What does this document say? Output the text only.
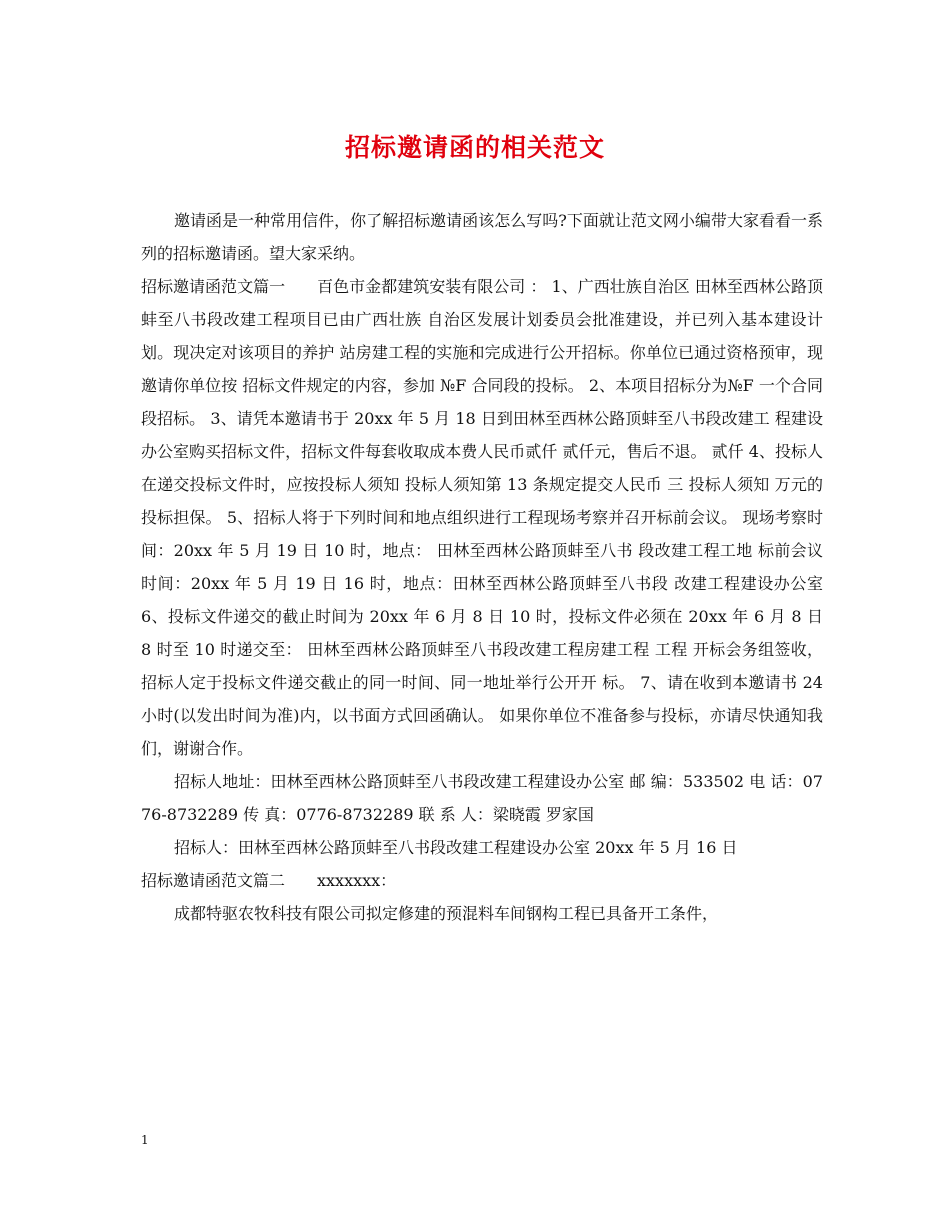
招标邀请函的相关范文

邀请函是一种常用信件，你了解招标邀请函该怎么写吗?下面就让范文网小编带大家看看一系列的招标邀请函。望大家采纳。

招标邀请函范文篇一　　百色市金都建筑安装有限公司 ： 1、广西壮族自治区 田林至西林公路顶蚌至八书段改建工程项目已由广西壮族 自治区发展计划委员会批准建设，并已列入基本建设计划。现决定对该项目的养护 站房建工程的实施和完成进行公开招标。你单位已通过资格预审，现邀请你单位按 招标文件规定的内容，参加 №F 合同段的投标。 2、本项目招标分为№F 一个合同段招标。 3、请凭本邀请书于 20xx 年 5 月 18 日到田林至西林公路顶蚌至八书段改建工 程建设办公室购买招标文件，招标文件每套收取成本费人民币贰仟 贰仟元，售后不退。 贰仟 4、投标人在递交投标文件时，应按投标人须知 投标人须知第 13 条规定提交人民币 三 投标人须知 万元的投标担保。 5、招标人将于下列时间和地点组织进行工程现场考察并召开标前会议。 现场考察时间：20xx 年 5 月 19 日 10 时，地点： 田林至西林公路顶蚌至八书 段改建工程工地 标前会议时间：20xx 年 5 月 19 日 16 时，地点：田林至西林公路顶蚌至八书段 改建工程建设办公室 6、投标文件递交的截止时间为 20xx 年 6 月 8 日 10 时，投标文件必须在 20xx 年 6 月 8 日 8 时至 10 时递交至： 田林至西林公路顶蚌至八书段改建工程房建工程 工程 开标会务组签收，招标人定于投标文件递交截止的同一时间、同一地址举行公开开 标。 7、请在收到本邀请书 24 小时(以发出时间为准)内，以书面方式回函确认。 如果你单位不准备参与投标，亦请尽快通知我们，谢谢合作。

招标人地址：田林至西林公路顶蚌至八书段改建工程建设办公室 邮 编：533502 电 话：0776-8732289 传 真：0776-8732289 联 系 人：梁晓霞 罗家国

招标人：田林至西林公路顶蚌至八书段改建工程建设办公室 20xx 年 5 月 16 日

招标邀请函范文篇二　　xxxxxxx：

成都特驱农牧科技有限公司拟定修建的预混料车间钢构工程已具备开工条件，

1
